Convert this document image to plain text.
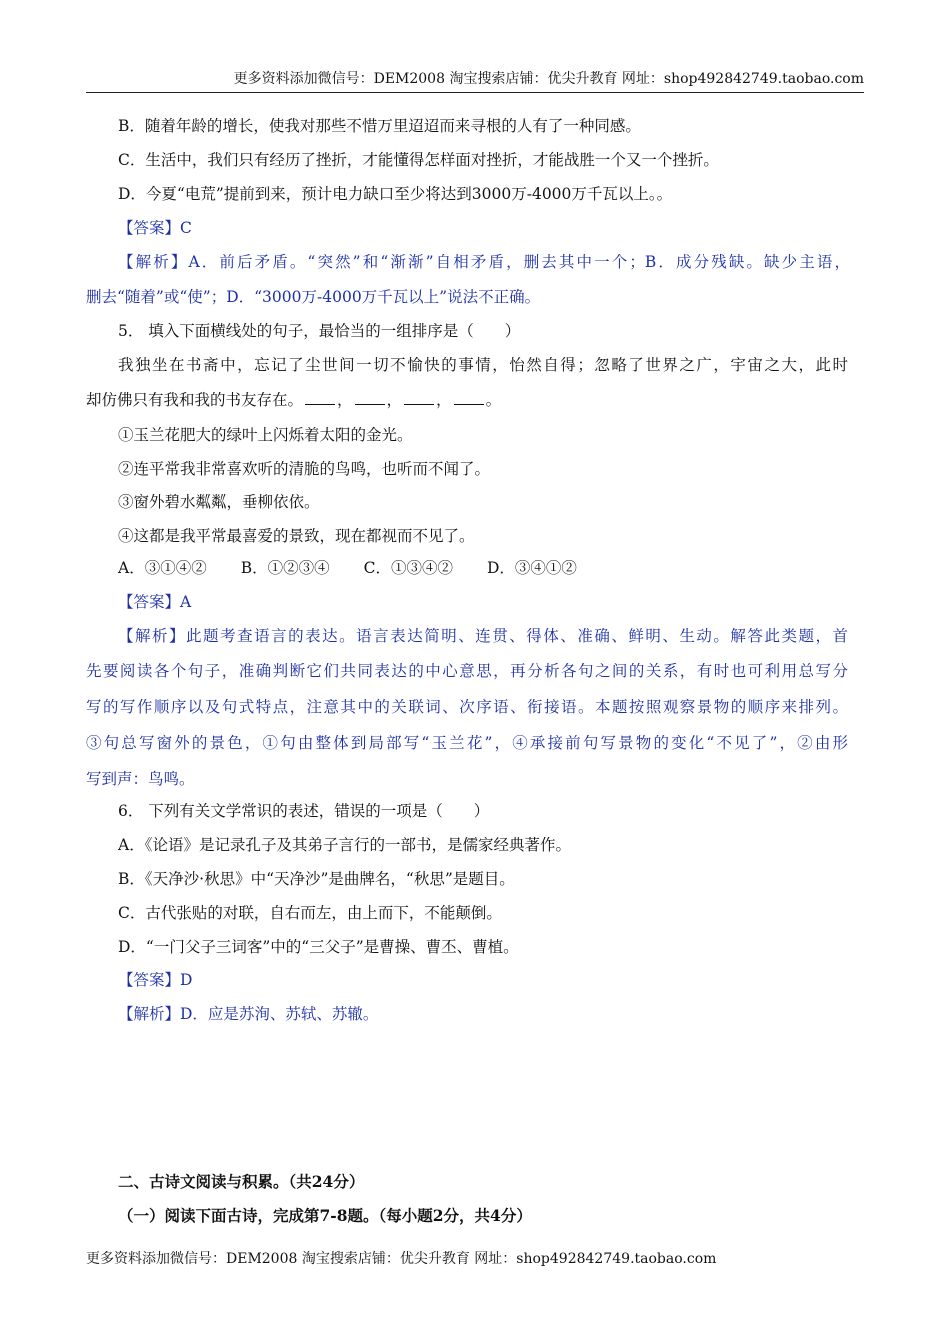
更多资料添加微信号：DEM2008 淘宝搜索店铺：优尖升教育 网址：shop492842749.taobao.com
B．随着年龄的增长，使我对那些不惜万里迢迢而来寻根的人有了一种同感。
C．生活中，我们只有经历了挫折，才能懂得怎样面对挫折，才能战胜一个又一个挫折。
D．今夏“电荒”提前到来，预计电力缺口至少将达到3000万-4000万千瓦以上。。
【答案】C
【解析】A．前后矛盾。“突然”和“渐渐”自相矛盾，删去其中一个；B．成分残缺。缺少主语，
删去“随着”或“使”；D．“3000万-4000万千瓦以上”说法不正确。
5． 填入下面横线处的句子，最恰当的一组排序是（　　）
我独坐在书斋中，忘记了尘世间一切不愉快的事情，怡然自得；忽略了世界之广，宇宙之大，此时
却仿佛只有我和我的书友存在。 ， ， ， 。
①玉兰花肥大的绿叶上闪烁着太阳的金光。
②连平常我非常喜欢听的清脆的鸟鸣，也听而不闻了。
③窗外碧水粼粼，垂柳依依。
④这都是我平常最喜爱的景致，现在都视而不见了。
A．③①④② B．①②③④ C．①③④② D．③④①②
【答案】A
【解析】此题考查语言的表达。语言表达简明、连贯、得体、准确、鲜明、生动。解答此类题，首
先要阅读各个句子，准确判断它们共同表达的中心意思，再分析各句之间的关系，有时也可利用总写分
写的写作顺序以及句式特点，注意其中的关联词、次序语、衔接语。本题按照观察景物的顺序来排列。
③句总写窗外的景色，①句由整体到局部写“玉兰花”，④承接前句写景物的变化“不见了”，②由形
写到声：鸟鸣。
6． 下列有关文学常识的表述，错误的一项是（　　）
A．《论语》是记录孔子及其弟子言行的一部书，是儒家经典著作。
B．《天净沙·秋思》中“天净沙”是曲牌名，“秋思”是题目。
C．古代张贴的对联，自右而左，由上而下，不能颠倒。
D．“一门父子三词客”中的“三父子”是曹操、曹丕、曹植。
【答案】D
【解析】D．应是苏洵、苏轼、苏辙。
二、古诗文阅读与积累。（共24分）
（一）阅读下面古诗，完成第7-8题。（每小题2分，共4分）
更多资料添加微信号：DEM2008 淘宝搜索店铺：优尖升教育 网址：shop492842749.taobao.com
